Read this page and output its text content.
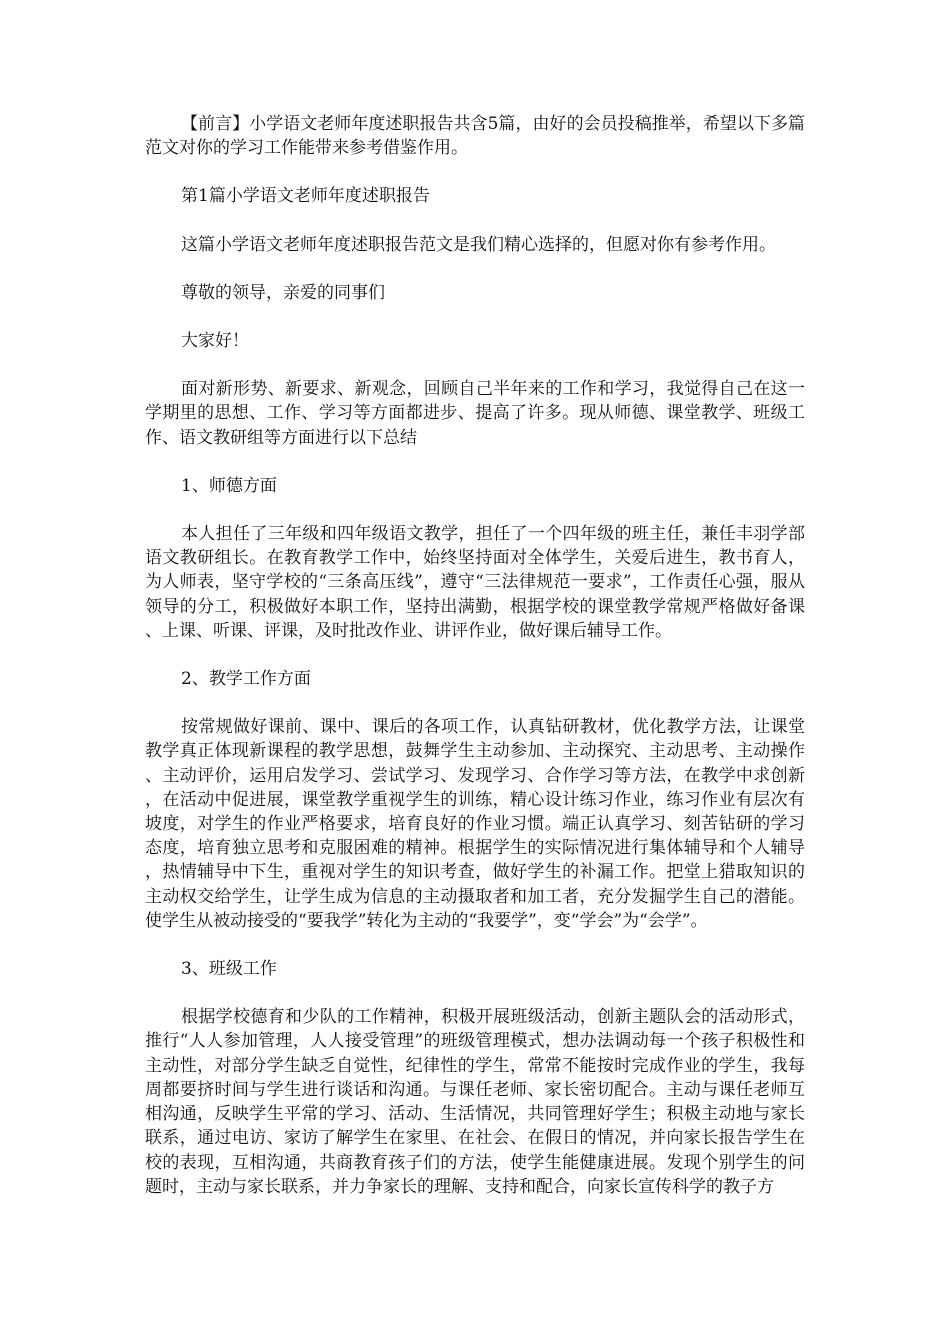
【前言】小学语文老师年度述职报告共含5篇，由好的会员投稿推举，希望以下多篇范文对你的学习工作能带来参考借鉴作用。

第1篇小学语文老师年度述职报告

这篇小学语文老师年度述职报告范文是我们精心选择的，但愿对你有参考作用。

尊敬的领导，亲爱的同事们

大家好！

面对新形势、新要求、新观念，回顾自己半年来的工作和学习，我觉得自己在这一学期里的思想、工作、学习等方面都进步、提高了许多。现从师德、课堂教学、班级工作、语文教研组等方面进行以下总结

1、师德方面

本人担任了三年级和四年级语文教学，担任了一个四年级的班主任，兼任丰羽学部语文教研组长。在教育教学工作中，始终坚持面对全体学生，关爱后进生，教书育人，为人师表，坚守学校的“三条高压线”，遵守“三法律规范一要求”，工作责任心强，服从领导的分工，积极做好本职工作，坚持出满勤，根据学校的课堂教学常规严格做好备课、上课、听课、评课，及时批改作业、讲评作业，做好课后辅导工作。

2、教学工作方面

按常规做好课前、课中、课后的各项工作，认真钻研教材，优化教学方法，让课堂教学真正体现新课程的教学思想，鼓舞学生主动参加、主动探究、主动思考、主动操作、主动评价，运用启发学习、尝试学习、发现学习、合作学习等方法，在教学中求创新，在活动中促进展，课堂教学重视学生的训练，精心设计练习作业，练习作业有层次有坡度，对学生的作业严格要求，培育良好的作业习惯。端正认真学习、刻苦钻研的学习态度，培育独立思考和克服困难的精神。根据学生的实际情况进行集体辅导和个人辅导，热情辅导中下生，重视对学生的知识考查，做好学生的补漏工作。把堂上猎取知识的主动权交给学生，让学生成为信息的主动摄取者和加工者，充分发掘学生自己的潜能。使学生从被动接受的“要我学”转化为主动的“我要学”，变“学会”为“会学”。

3、班级工作

根据学校德育和少队的工作精神，积极开展班级活动，创新主题队会的活动形式，推行“人人参加管理，人人接受管理”的班级管理模式，想办法调动每一个孩子积极性和主动性，对部分学生缺乏自觉性，纪律性的学生，常常不能按时完成作业的学生，我每周都要挤时间与学生进行谈话和沟通。与课任老师、家长密切配合。主动与课任老师互相沟通，反映学生平常的学习、活动、生活情况，共同管理好学生；积极主动地与家长联系，通过电访、家访了解学生在家里、在社会、在假日的情况，并向家长报告学生在校的表现，互相沟通，共商教育孩子们的方法，使学生能健康进展。发现个别学生的问题时，主动与家长联系，并力争家长的理解、支持和配合，向家长宣传科学的教子方
